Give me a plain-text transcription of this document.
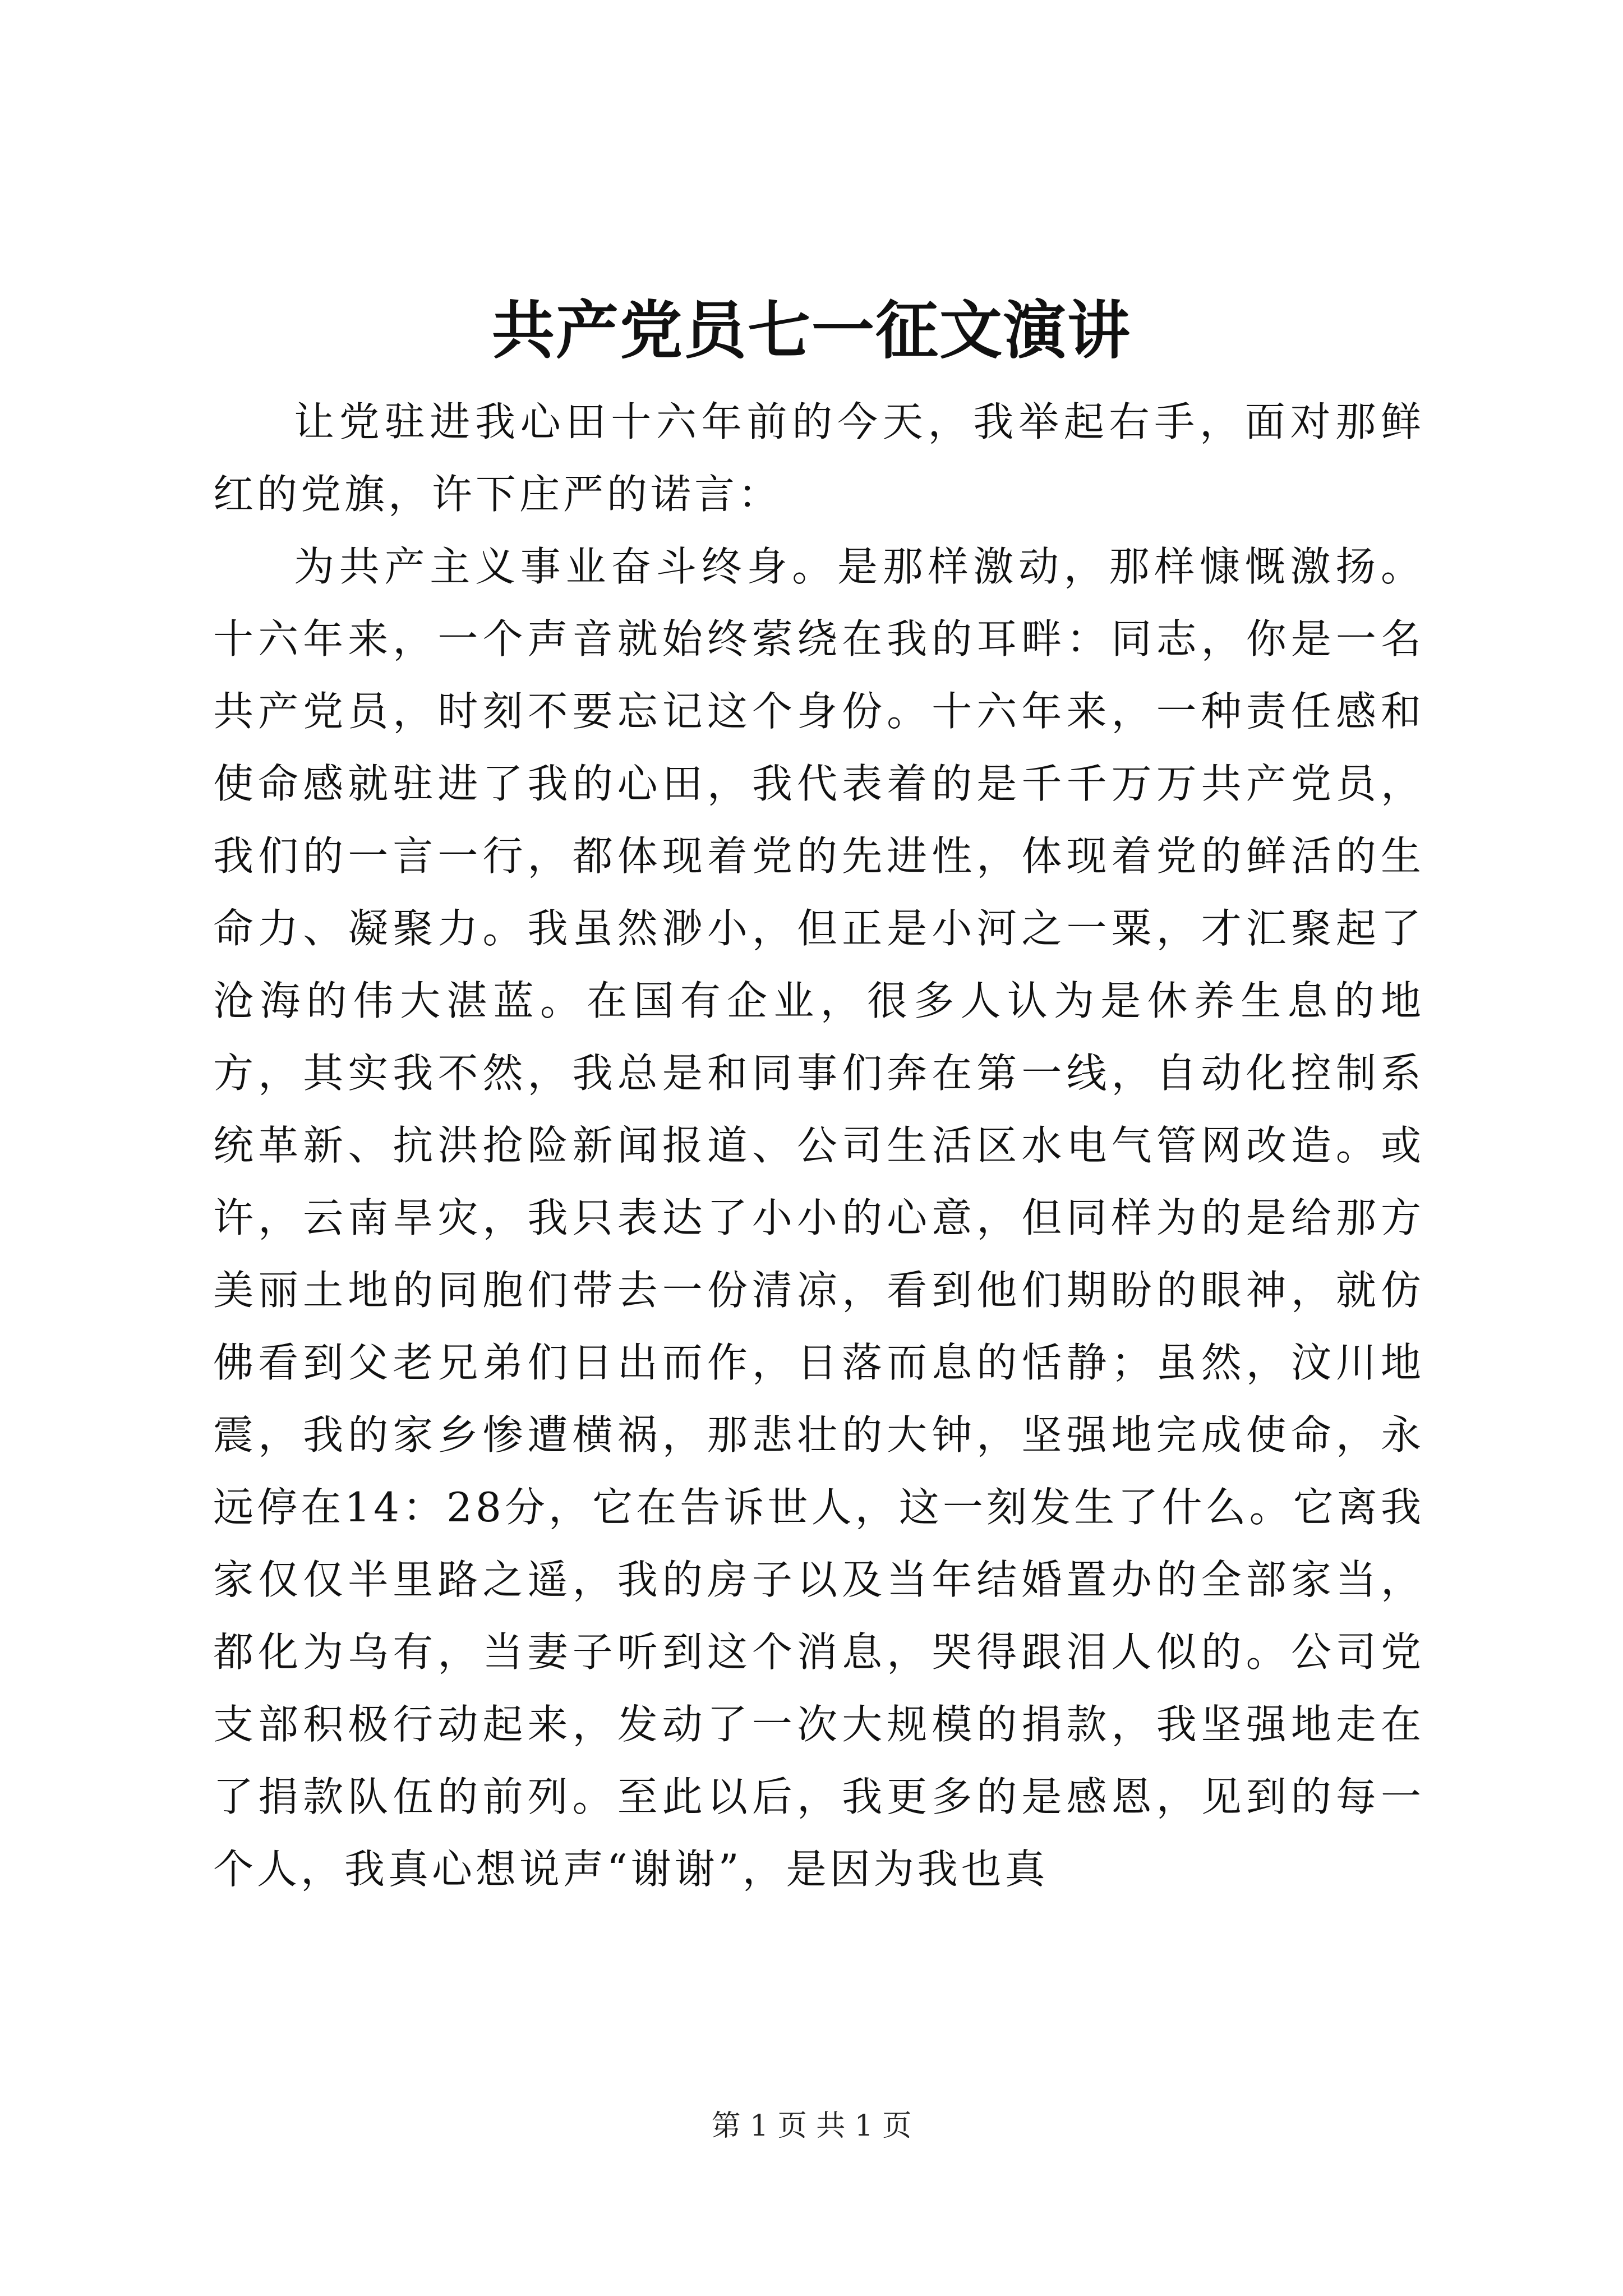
共产党员七一征文演讲

让党驻进我心田十六年前的今天，我举起右手，面对那鲜红的党旗，许下庄严的诺言：

为共产主义事业奋斗终身。是那样激动，那样慷慨激扬。十六年来，一个声音就始终萦绕在我的耳畔：同志，你是一名共产党员，时刻不要忘记这个身份。十六年来，一种责任感和使命感就驻进了我的心田，我代表着的是千千万万共产党员，我们的一言一行，都体现着党的先进性，体现着党的鲜活的生命力、凝聚力。我虽然渺小，但正是小河之一粟，才汇聚起了沧海的伟大湛蓝。在国有企业，很多人认为是休养生息的地方，其实我不然，我总是和同事们奔在第一线，自动化控制系统革新、抗洪抢险新闻报道、公司生活区水电气管网改造。或许，云南旱灾，我只表达了小小的心意，但同样为的是给那方美丽土地的同胞们带去一份清凉，看到他们期盼的眼神，就仿佛看到父老兄弟们日出而作，日落而息的恬静；虽然，汶川地震，我的家乡惨遭横祸，那悲壮的大钟，坚强地完成使命，永远停在14：28分，它在告诉世人，这一刻发生了什么。它离我家仅仅半里路之遥，我的房子以及当年结婚置办的全部家当，都化为乌有，当妻子听到这个消息，哭得跟泪人似的。公司党支部积极行动起来，发动了一次大规模的捐款，我坚强地走在了捐款队伍的前列。至此以后，我更多的是感恩，见到的每一个人，我真心想说声“谢谢”，是因为我也真

第 1 页 共 1 页
